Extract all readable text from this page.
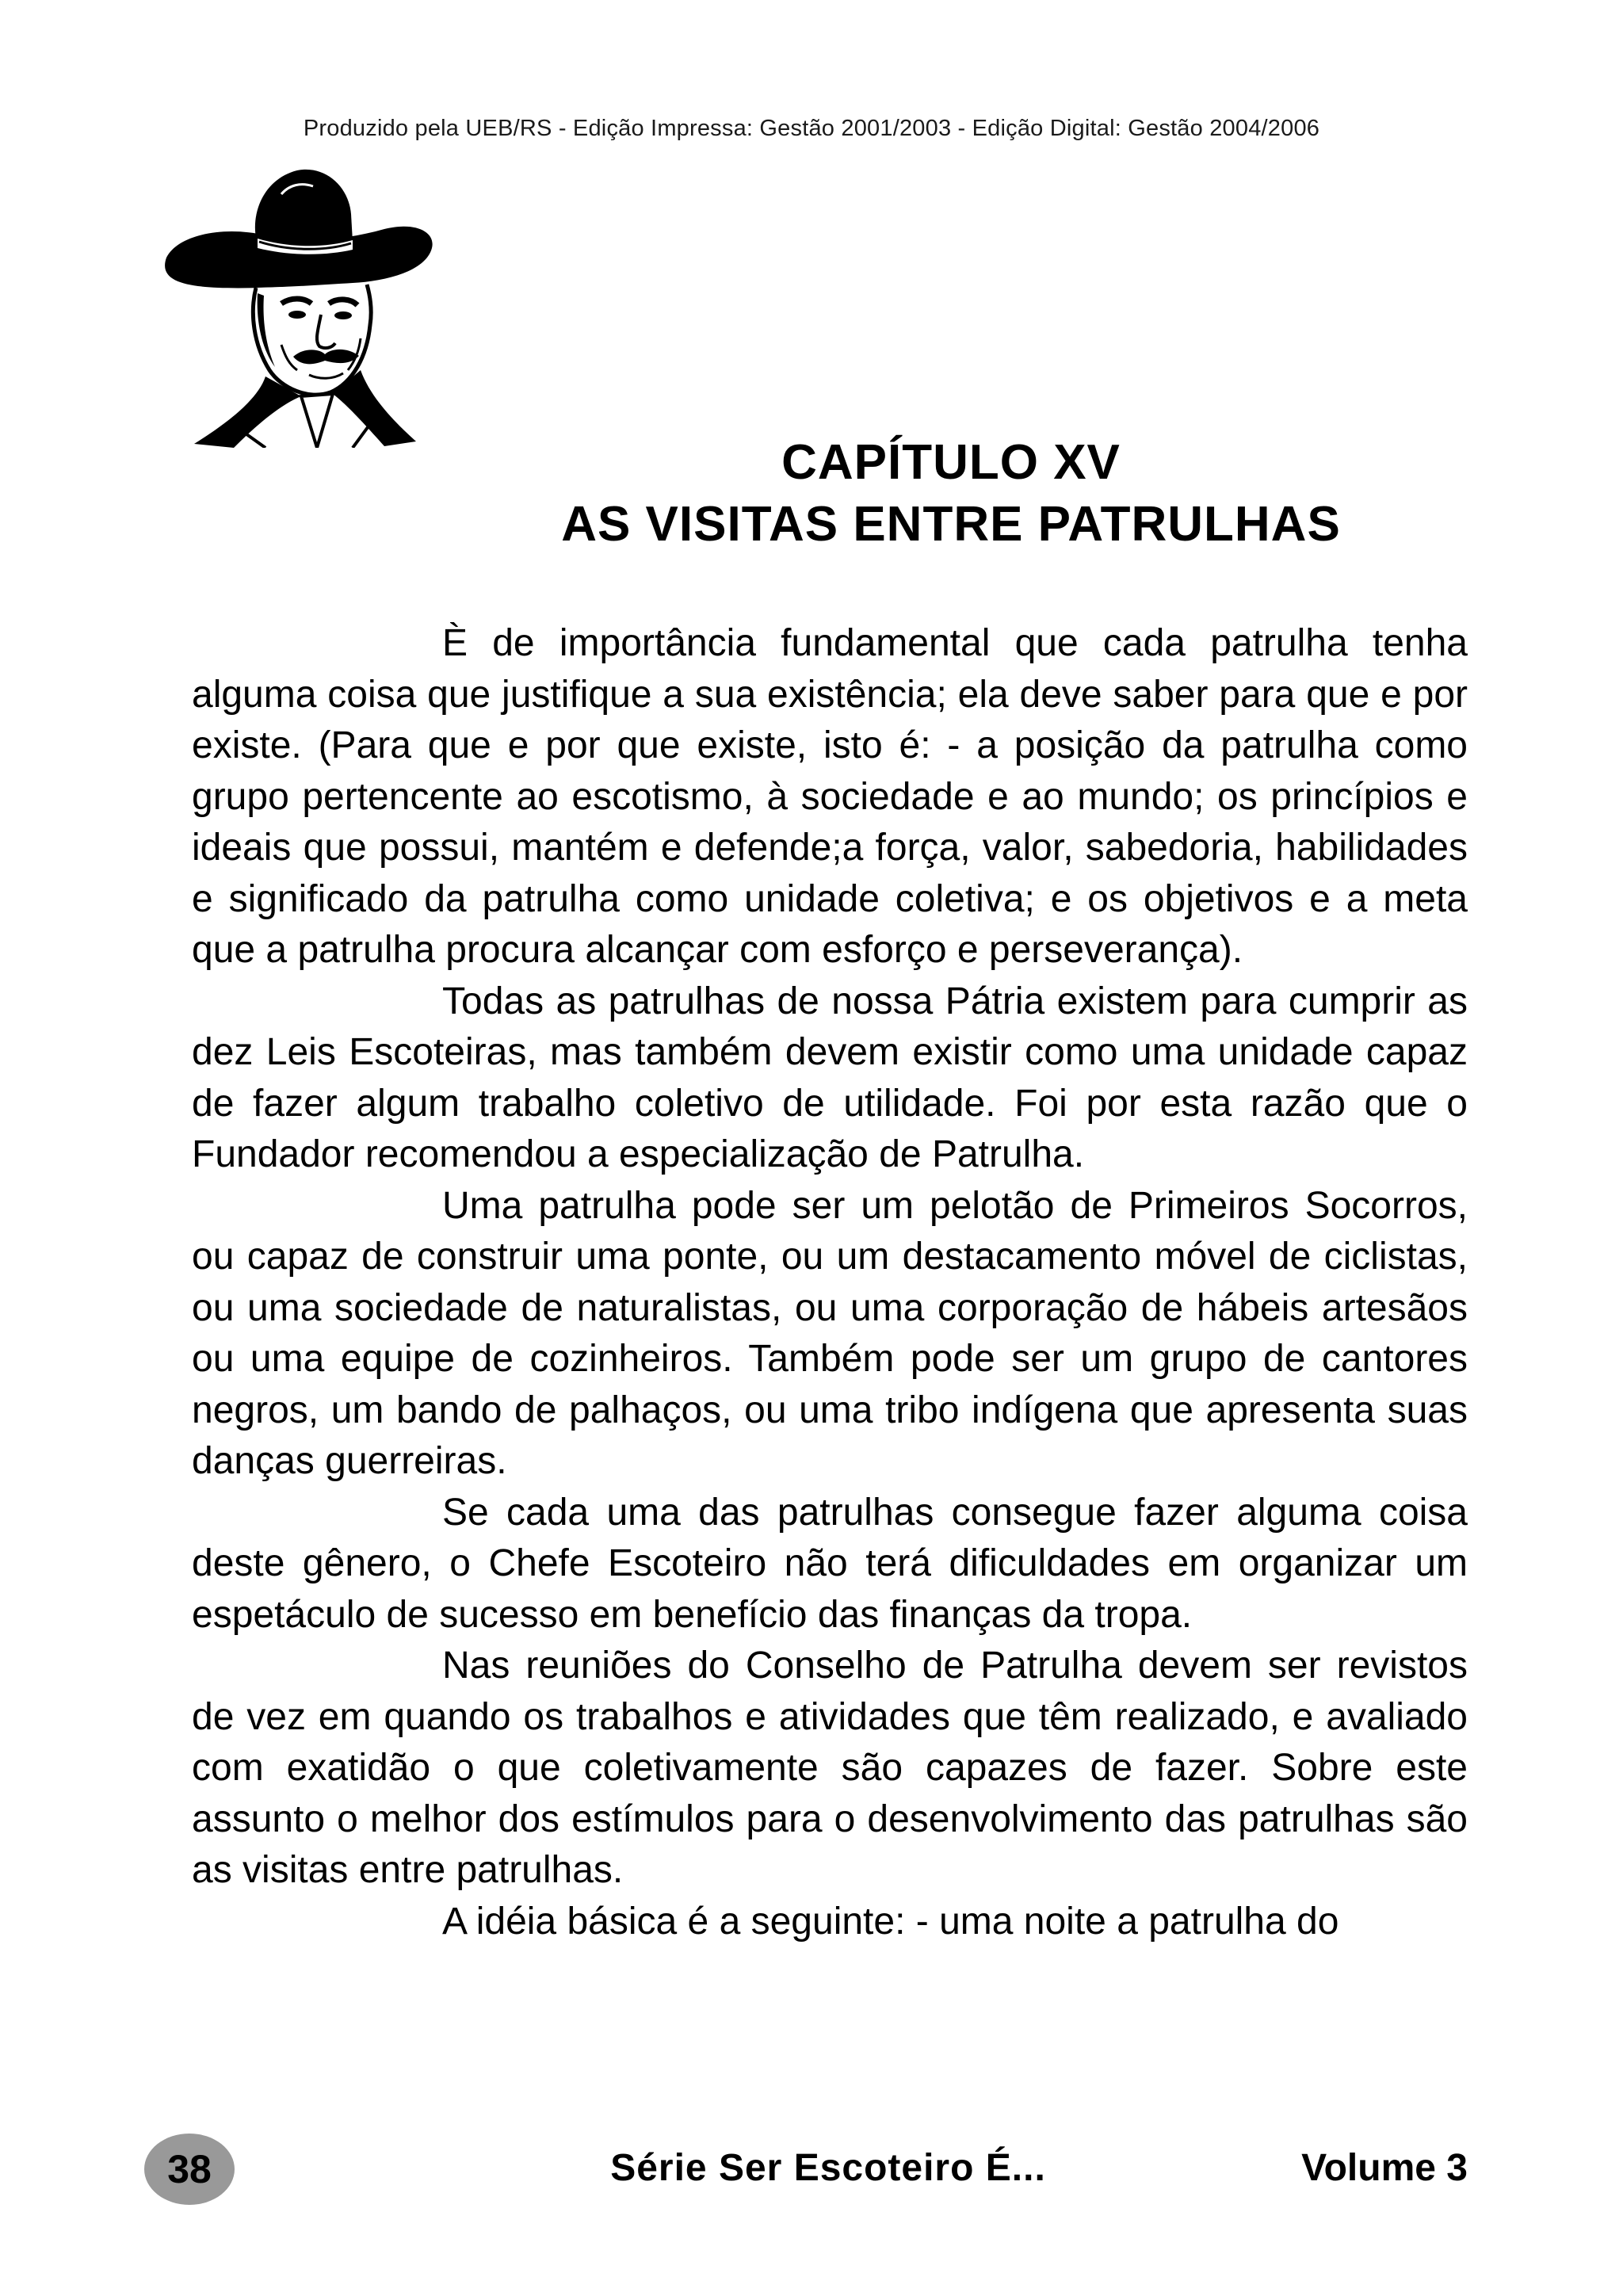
Produzido pela UEB/RS - Edição Impressa: Gestão 2001/2003 - Edição Digital: Gestão 2004/2006
CAPÍTULO XV
AS VISITAS ENTRE PATRULHAS

È de importância fundamental que cada patrulha tenha alguma coisa que justifique a sua existência; ela deve saber para que e por existe. (Para que e por que existe, isto é: - a posição da patrulha como grupo pertencente ao escotismo, à sociedade e ao mundo; os princípios e ideais que possui, mantém e defende;a força, valor, sabedoria, habilidades e significado da patrulha como unidade coletiva; e os objetivos e a meta que a patrulha procura alcançar com esforço e perseverança).

Todas as patrulhas de nossa Pátria existem para cumprir as dez Leis Escoteiras, mas também devem existir como uma unidade capaz de fazer algum trabalho coletivo de utilidade. Foi por esta razão que o Fundador recomendou a especialização de Patrulha.

Uma patrulha pode ser um pelotão de Primeiros Socorros, ou capaz de construir uma ponte, ou um destacamento móvel de ciclistas, ou uma sociedade de naturalistas, ou uma corporação de hábeis artesãos ou uma equipe de cozinheiros. Também pode ser um grupo de cantores negros, um bando de palhaços, ou uma tribo indígena que apresenta suas danças guerreiras.

Se cada uma das patrulhas consegue fazer alguma coisa deste gênero, o Chefe Escoteiro não terá dificuldades em organizar um espetáculo de sucesso em benefício das finanças da tropa.

Nas reuniões do Conselho de Patrulha devem ser revistos de vez em quando os trabalhos e atividades que têm realizado, e avaliado com exatidão o que coletivamente são capazes de fazer. Sobre este assunto o melhor dos estímulos para o desenvolvimento das patrulhas são as visitas entre patrulhas.

A idéia básica é a seguinte: - uma noite a patrulha do

38	Série Ser Escoteiro É...	Volume 3
